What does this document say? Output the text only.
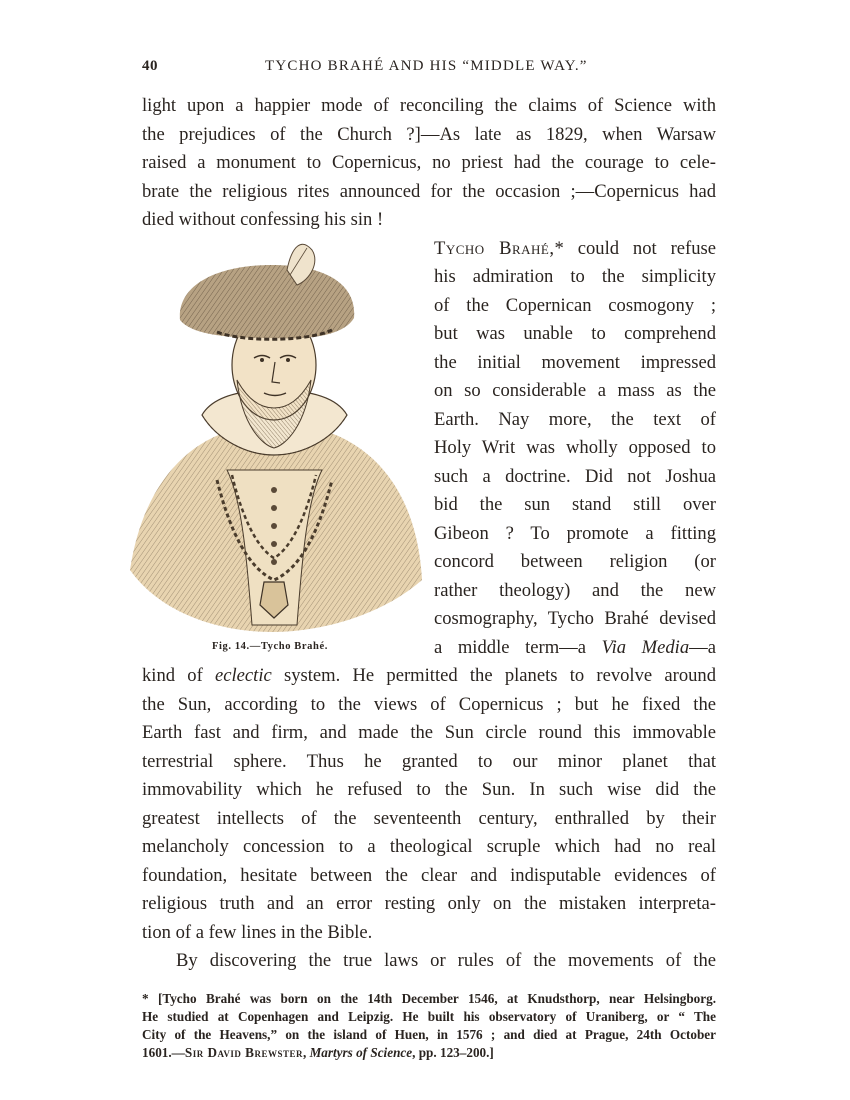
40	TYCHO BRAHÉ AND HIS “MIDDLE WAY.”
light upon a happier mode of reconciling the claims of Science with
the prejudices of the Church ?]—As late as 1829, when Warsaw
raised a monument to Copernicus, no priest had the courage to cele-
brate the religious rites announced for the occasion ;—Copernicus had
died without confessing his sin !
Tycho Brahé,* could not refuse
his admiration to the simplicity
of the Copernican cosmogony ;
but was unable to comprehend
the initial movement impressed
on so considerable a mass as the
Earth. Nay more, the text of
Holy Writ was wholly opposed to
such a doctrine. Did not Joshua
bid the sun stand still over
Gibeon ? To promote a fitting
concord between religion (or
rather theology) and the new
cosmography, Tycho Brahé devised
a middle term—a Via Media—a
kind of eclectic system. He permitted the planets to revolve around
the Sun, according to the views of Copernicus ; but he fixed the
Earth fast and firm, and made the Sun circle round this immovable
terrestrial sphere. Thus he granted to our minor planet that
immovability which he refused to the Sun. In such wise did the
greatest intellects of the seventeenth century, enthralled by their
melancholy concession to a theological scruple which had no real
foundation, hesitate between the clear and indisputable evidences of
religious truth and an error resting only on the mistaken interpreta-
tion of a few lines in the Bible.
By discovering the true laws or rules of the movements of the
Fig. 14.—Tycho Brahé.
* [Tycho Brahé was born on the 14th December 1546, at Knudsthorp, near Helsingborg.
He studied at Copenhagen and Leipzig. He built his observatory of Uraniberg, or “ The
City of the Heavens,” on the island of Huen, in 1576 ; and died at Prague, 24th October
1601.—Sir David Brewster, Martyrs of Science, pp. 123–200.]
